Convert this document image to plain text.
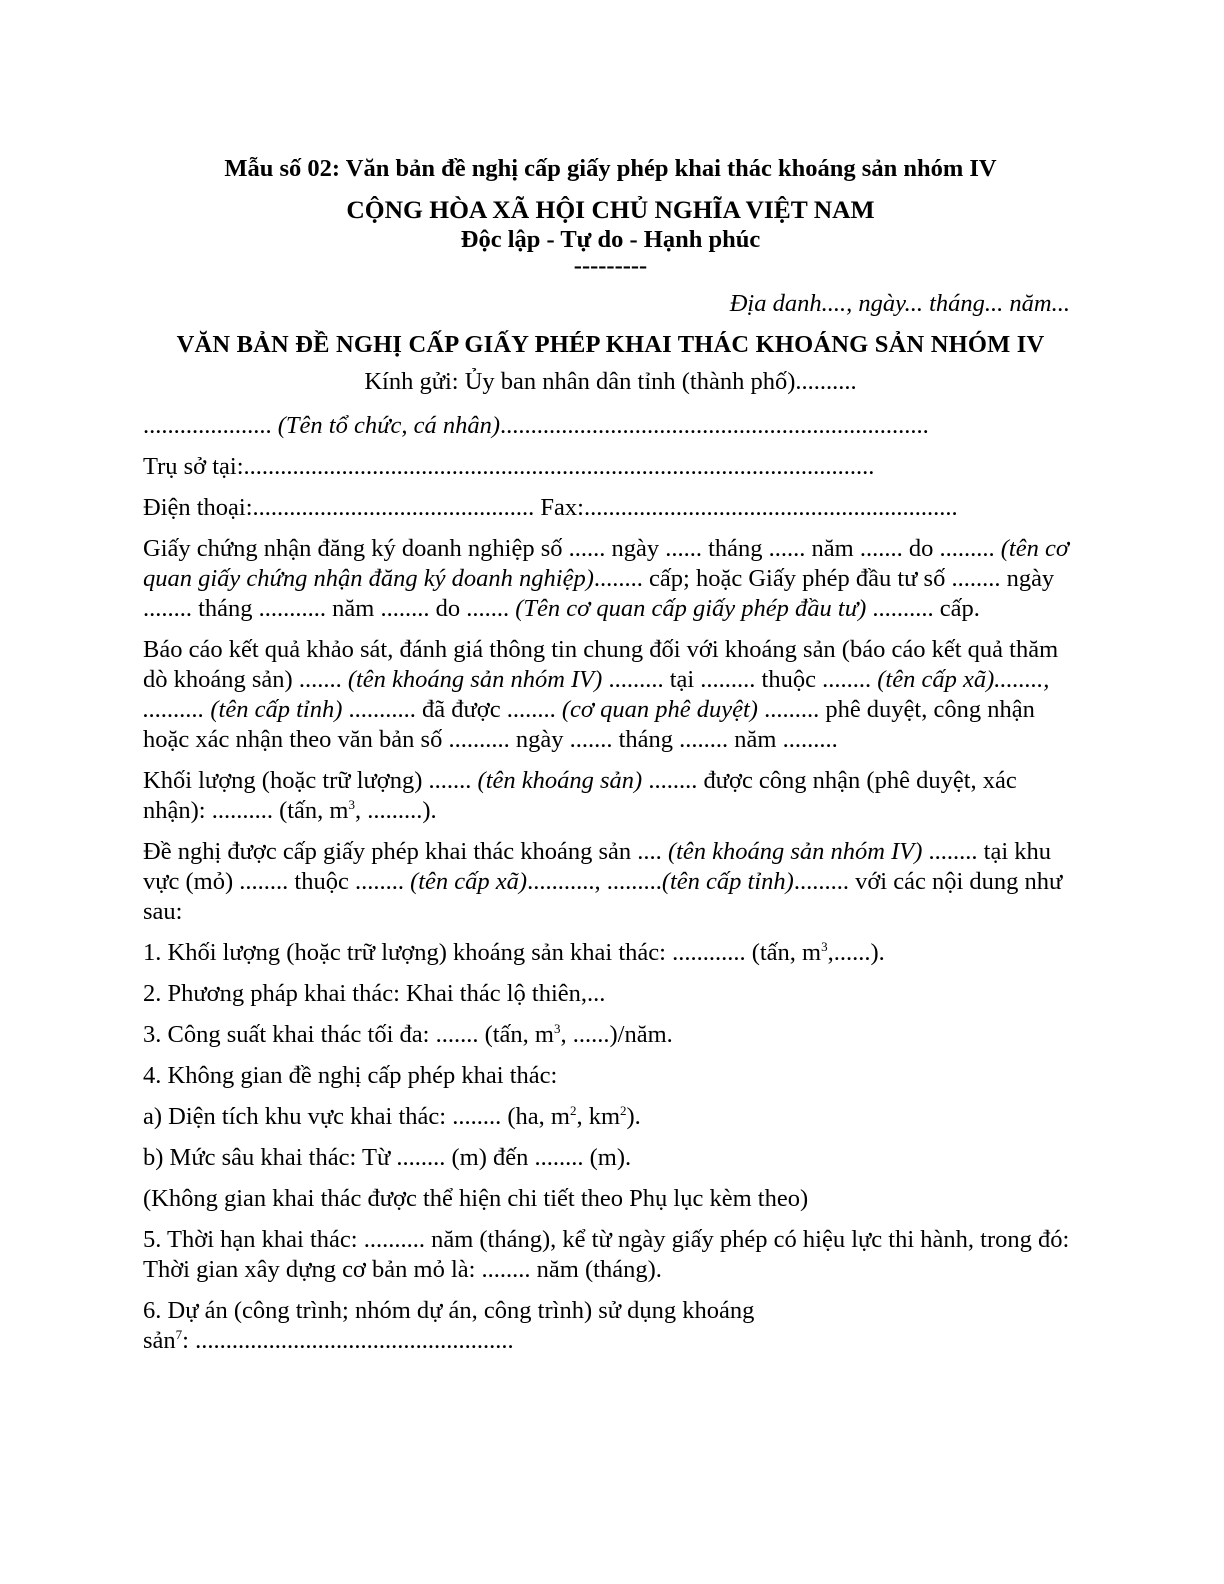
Mẫu số 02: Văn bản đề nghị cấp giấy phép khai thác khoáng sản nhóm IV
CỘNG HÒA XÃ HỘI CHỦ NGHĨA VIỆT NAM
Độc lập - Tự do - Hạnh phúc
---------
Địa danh...., ngày... tháng... năm...
VĂN BẢN ĐỀ NGHỊ CẤP GIẤY PHÉP KHAI THÁC KHOÁNG SẢN NHÓM IV
Kính gửi: Ủy ban nhân dân tỉnh (thành phố)..........

..................... (Tên tổ chức, cá nhân)......................................................................

Trụ sở tại:.......................................................................................................

Điện thoại:.............................................. Fax:.............................................................

Giấy chứng nhận đăng ký doanh nghiệp số ...... ngày ...... tháng ...... năm ....... do ......... (tên cơ quan giấy chứng nhận đăng ký doanh nghiệp)........ cấp; hoặc Giấy phép đầu tư số ........ ngày ........ tháng ........... năm ........ do ....... (Tên cơ quan cấp giấy phép đầu tư) .......... cấp.

Báo cáo kết quả khảo sát, đánh giá thông tin chung đối với khoáng sản (báo cáo kết quả thăm dò khoáng sản) ....... (tên khoáng sản nhóm IV) ......... tại ......... thuộc ........ (tên cấp xã)........, .......... (tên cấp tỉnh) ........... đã được ........ (cơ quan phê duyệt) ......... phê duyệt, công nhận hoặc xác nhận theo văn bản số .......... ngày ....... tháng ........ năm .........

Khối lượng (hoặc trữ lượng) ....... (tên khoáng sản) ........ được công nhận (phê duyệt, xác nhận): .......... (tấn, $m^3$, .........).

Đề nghị được cấp giấy phép khai thác khoáng sản .... (tên khoáng sản nhóm IV) ........ tại khu vực (mỏ) ........ thuộc ........ (tên cấp xã)..........., .........(tên cấp tỉnh)......... với các nội dung như sau:

1. Khối lượng (hoặc trữ lượng) khoáng sản khai thác: ............ (tấn, $m^3$,......).

2. Phương pháp khai thác: Khai thác lộ thiên,...

3. Công suất khai thác tối đa: ....... (tấn, $m^3$, ......)/năm.

4. Không gian đề nghị cấp phép khai thác:

a) Diện tích khu vực khai thác: ........ (ha, $m^2$, $km^2$).

b) Mức sâu khai thác: Từ ........ (m) đến ........ (m).

(Không gian khai thác được thể hiện chi tiết theo Phụ lục kèm theo)

5. Thời hạn khai thác: .......... năm (tháng), kể từ ngày giấy phép có hiệu lực thi hành, trong đó: Thời gian xây dựng cơ bản mỏ là: ........ năm (tháng).

6. Dự án (công trình; nhóm dự án, công trình) sử dụng khoáng sản$^7$: ....................................................
